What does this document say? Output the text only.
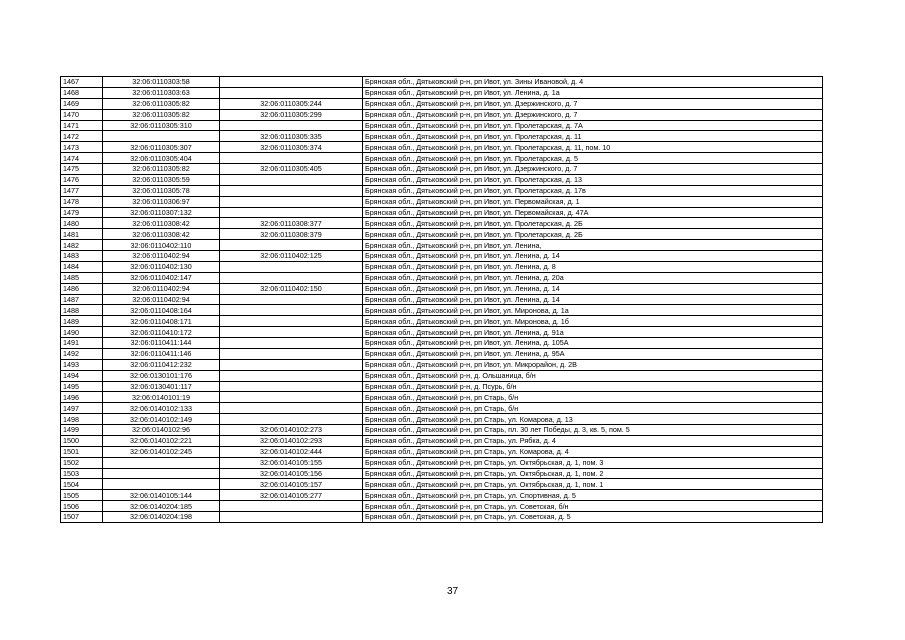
1467	32:06:0110303:58		Брянская обл., Дятьковский р-н, рп Ивот, ул. Зины Ивановой, д. 4
1468	32:06:0110303:63		Брянская обл., Дятьковский р-н, рп Ивот, ул. Ленина, д. 1а
1469	32:06:0110305:82	32:06:0110305:244	Брянская обл., Дятьковский р-н, рп Ивот, ул. Дзержинского, д. 7
1470	32:06:0110305:82	32:06:0110305:299	Брянская обл., Дятьковский р-н, рп Ивот, ул. Дзержинского, д. 7
1471	32:06:0110305:310		Брянская обл., Дятьковский р-н, рп Ивот, ул. Пролетарская, д. 7А
1472		32:06:0110305:335	Брянская обл., Дятьковский р-н, рп Ивот, ул. Пролетарская, д. 11
1473	32:06:0110305:307	32:06:0110305:374	Брянская обл., Дятьковский р-н, рп Ивот, ул. Пролетарская, д. 11, пом. 10
1474	32:06:0110305:404		Брянская обл., Дятьковский р-н, рп Ивот, ул. Пролетарская, д. 5
1475	32:06:0110305:82	32:06:0110305:405	Брянская обл., Дятьковский р-н, рп Ивот, ул. Дзержинского, д. 7
1476	32:06:0110305:59		Брянская обл., Дятьковский р-н, рп Ивот, ул. Пролетарская, д. 13
1477	32:06:0110305:78		Брянская обл., Дятьковский р-н, рп Ивот, ул. Пролетарская, д. 17в
1478	32:06:0110306:97		Брянская обл., Дятьковский р-н, рп Ивот, ул. Первомайская, д. 1
1479	32:06:0110307:132		Брянская обл., Дятьковский р-н, рп Ивот, ул. Первомайская, д. 47А
1480	32:06:0110308:42	32:06:0110308:377	Брянская обл., Дятьковский р-н, рп Ивот, ул. Пролетарская, д. 2Б
1481	32:06:0110308:42	32:06:0110308:379	Брянская обл., Дятьковский р-н, рп Ивот, ул. Пролетарская, д. 2Б
1482	32:06:0110402:110		Брянская обл., Дятьковский р-н, рп Ивот, ул. Ленина,
1483	32:06:0110402:94	32:06:0110402:125	Брянская обл., Дятьковский р-н, рп Ивот, ул. Ленина, д. 14
1484	32:06:0110402:130		Брянская обл., Дятьковский р-н, рп Ивот, ул. Ленина, д. 8
1485	32:06:0110402:147		Брянская обл., Дятьковский р-н, рп Ивот, ул. Ленина, д. 20а
1486	32:06:0110402:94	32:06:0110402:150	Брянская обл., Дятьковский р-н, рп Ивот, ул. Ленина, д. 14
1487	32:06:0110402:94		Брянская обл., Дятьковский р-н, рп Ивот, ул. Ленина, д. 14
1488	32:06:0110408:164		Брянская обл., Дятьковский р-н, рп Ивот, ул. Миронова, д. 1а
1489	32:06:0110408:171		Брянская обл., Дятьковский р-н, рп Ивот, ул. Миронова, д. 1б
1490	32:06:0110410:172		Брянская обл., Дятьковский р-н, рп Ивот, ул. Ленина, д. 91а
1491	32:06:0110411:144		Брянская обл., Дятьковский р-н, рп Ивот, ул. Ленина, д. 105А
1492	32:06:0110411:146		Брянская обл., Дятьковский р-н, рп Ивот, ул. Ленина, д. 95А
1493	32:06:0110412:232		Брянская обл., Дятьковский р-н, рп Ивот, ул. Микрорайон, д. 2В
1494	32:06:0130101:176		Брянская обл., Дятьковский р-н, д. Ольшаница, б/н
1495	32:06:0130401:117		Брянская обл., Дятьковский р-н, д. Псурь, б/н
1496	32:06:0140101:19		Брянская обл., Дятьковский р-н, рп Старь, б/н
1497	32:06:0140102:133		Брянская обл., Дятьковский р-н, рп Старь, б/н
1498	32:06:0140102:149		Брянская обл., Дятьковский р-н, рп Старь, ул. Комарова, д. 13
1499	32:06:0140102:96	32:06:0140102:273	Брянская обл., Дятьковский р-н, рп Старь, пл. 30 лет Победы, д. 3, кв. 5, пом. 5
1500	32:06:0140102:221	32:06:0140102:293	Брянская обл., Дятьковский р-н, рп Старь, ул. Рябка, д. 4
1501	32:06:0140102:245	32:06:0140102:444	Брянская обл., Дятьковский р-н, рп Старь, ул. Комарова, д. 4
1502		32:06:0140105:155	Брянская обл., Дятьковский р-н, рп Старь, ул. Октябрьская, д. 1, пом. 3
1503		32:06:0140105:156	Брянская обл., Дятьковский р-н, рп Старь, ул. Октябрьская, д. 1, пом. 2
1504		32:06:0140105:157	Брянская обл., Дятьковский р-н, рп Старь, ул. Октябрьская, д. 1, пом. 1
1505	32:06:0140105:144	32:06:0140105:277	Брянская обл., Дятьковский р-н, рп Старь, ул. Спортивная, д. 5
1506	32:06:0140204:185		Брянская обл., Дятьковский р-н, рп Старь, ул. Советская, б/н
1507	32:06:0140204:198		Брянская обл., Дятьковский р-н, рп Старь, ул. Советская, д. 5
37
